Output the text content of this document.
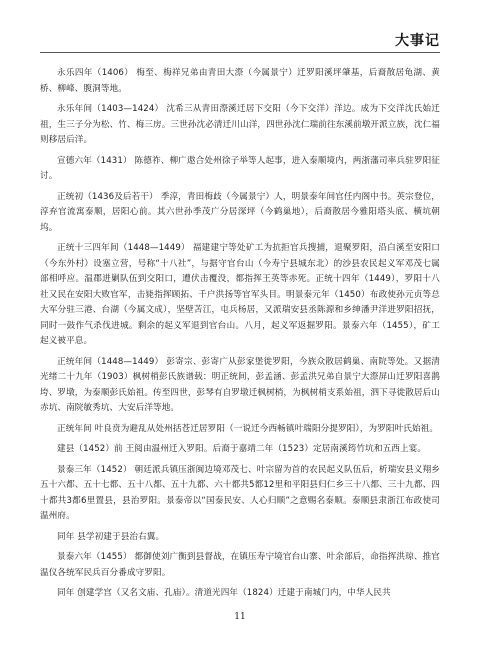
大事记

永乐四年（1406） 梅至、梅祥兄弟由青田大漈（今属景宁）迁罗阳溪坪肇基，后裔散居龟湖、黄桥、柳峰、腹洞等地。

永乐年间（1403—1424） 沈希三从青田漈溪迁居下交阳（今下交洋）洋边。成为下交洋沈氏始迁祖，生三子分为松、竹、梅三房。三世孙沈必清迁川山洋，四世孙沈仁瑞前往东溪前墩开派立族，沈仁福则移居后洋。

宣德六年（1431） 陈德祚、柳广遨合处州徐子举等人起事，进入泰顺境内，两浙藩司率兵驻罗阳征讨。

正统初（1436及后若干） 季淳，青田梅歧（今属景宁）人，明景泰年间官任内阁中书。英宗登位，淳弃官流寓泰顺，居阳心前。其六世孙季茂广分居深坪（今鹤巢地），后裔散居今雅阳塔头底、横坑朝坞。

正统十三四年间（1448—1449） 福建建宁等处矿工为抗拒官兵搜捕，退聚罗阳，沿白溪至安阳口（今东外村）设塞立营，号称“十八社”，与据守官台山（今寿宁县城东北）的沙县农民起义军邓茂七属部相呼应。温郡进剿队伍到交阳口，遭伏击覆没，都指挥王英等赤死。正统十四年（1449），罗阳十八社又民在安阳大败官军，击毙指挥顾拓、千户洪扬等官军头目。明景泰元年（1450）布政使孙元贞等总大军分驻三港、台湖（今属文成），坚壁苫江，屯兵杨居，又派瑞安县丞陈源和乡绅潘尹洋进罗阳招抚，同时一鼓作气杀伐进城。剩余的起义军退到官台山。八月，起义军返掘罗阳。景泰六年（1455），矿工起义被平息。

正统年间（1448—1449） 彭寄宗、彭寄广从彭家堡徙罗阳，今族众散居鹤巢、南院等处。又据清光绪二十九年（1903）枫树梢彭氏族谱载：明正统间，彭孟涵、彭孟洪兄弟自景宁大漈屏山迁罗阳喜鹊垮、罗墩，为泰顺彭氏始祖。传至四世，彭琴有自罗墩迁枫树梢，为枫树梢支系始祖，泗下寻徙散居后山赤坑、南院敏秀坑、大安后洋等地。

正统年间 叶良贲为避乱从处州括苍迁居罗阳（一说迁今西畅镇叶瑞阳分提罗阳），为罗阳叶氏始祖。

建县（1452）前 王阅由温州迁入罗阳。后裔于嘉靖二年（1523）定居南溪筠竹坑和五西上宴。

景泰三年（1452） 朝廷派兵镇压浙闽边境邓茂七、叶宗留为首的农民起义队伍后，析瑞安县义翔乡五十六都、五十七都、五十八都、五十九都、六十都共5都12里和平阳县归仁乡三十八都、三十九都、四十都共3都6里置县，县治罗阳。景泰帝以“国泰民安、人心归顺”之意赐名泰顺。泰顺县隶浙江布政使司温州府。

同年 县学初建于县治右翼。

景泰六年（1455） 都御使刘广衡到县督战，在镇压寿宁境官台山寨、叶余部后，命指挥洪琼、推官温仪各统军民兵百分番成守罗阳。

同年 创建学宫（又名文庙、孔庙）。清道光四年（1824）迁建于南城门内，中华人民共

11
